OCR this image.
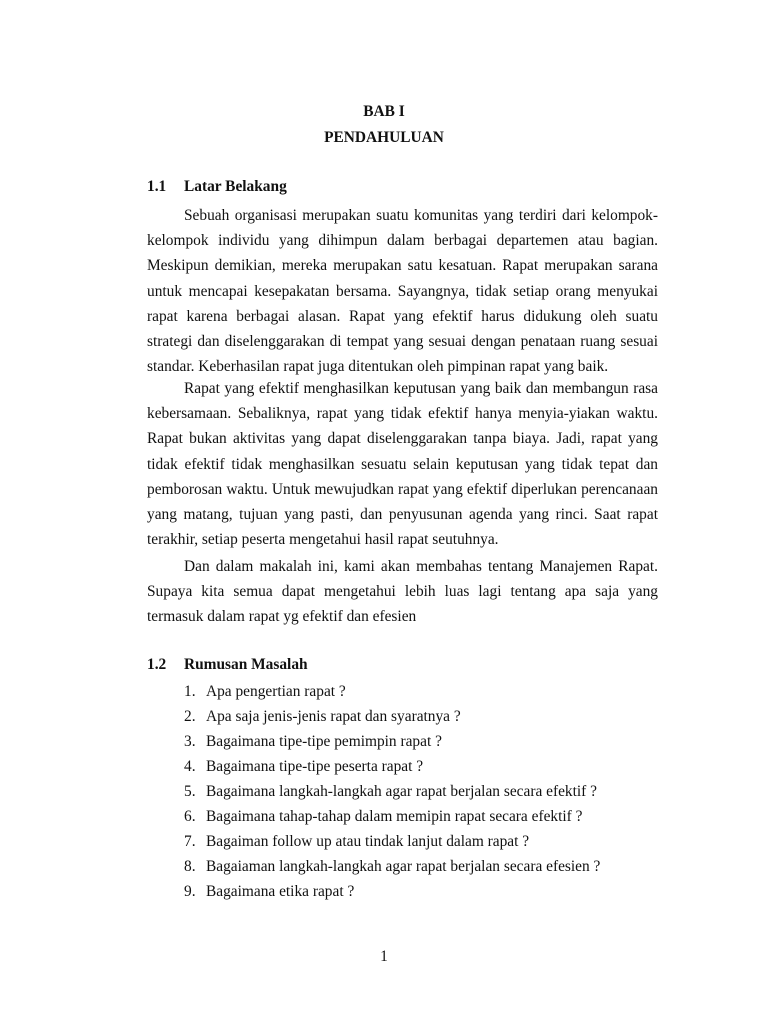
BAB I
PENDAHULUAN
1.1 Latar Belakang

Sebuah organisasi merupakan suatu komunitas yang terdiri dari kelompok-kelompok individu yang dihimpun dalam berbagai departemen atau bagian. Meskipun demikian, mereka merupakan satu kesatuan. Rapat merupakan sarana untuk mencapai kesepakatan bersama. Sayangnya, tidak setiap orang menyukai rapat karena berbagai alasan. Rapat yang efektif harus didukung oleh suatu strategi dan diselenggarakan di tempat yang sesuai dengan penataan ruang sesuai standar. Keberhasilan rapat juga ditentukan oleh pimpinan rapat yang baik.

Rapat yang efektif menghasilkan keputusan yang baik dan membangun rasa kebersamaan. Sebaliknya, rapat yang tidak efektif hanya menyia-yiakan waktu. Rapat bukan aktivitas yang dapat diselenggarakan tanpa biaya. Jadi, rapat yang tidak efektif tidak menghasilkan sesuatu selain keputusan yang tidak tepat dan pemborosan waktu. Untuk mewujudkan rapat yang efektif diperlukan perencanaan yang matang, tujuan yang pasti, dan penyusunan agenda yang rinci. Saat rapat terakhir, setiap peserta mengetahui hasil rapat seutuhnya.

Dan dalam makalah ini, kami akan membahas tentang Manajemen Rapat. Supaya kita semua dapat mengetahui lebih luas lagi tentang apa saja yang termasuk dalam rapat yg efektif dan efesien

1.2 Rumusan Masalah
1. Apa pengertian rapat ?
2. Apa saja jenis-jenis rapat dan syaratnya ?
3. Bagaimana tipe-tipe pemimpin rapat ?
4. Bagaimana tipe-tipe peserta rapat ?
5. Bagaimana langkah-langkah agar rapat berjalan secara efektif ?
6. Bagaimana tahap-tahap dalam memipin rapat secara efektif ?
7. Bagaiman follow up atau tindak lanjut dalam rapat ?
8. Bagaiaman langkah-langkah agar rapat berjalan secara efesien ?
9. Bagaimana etika rapat ?
1
